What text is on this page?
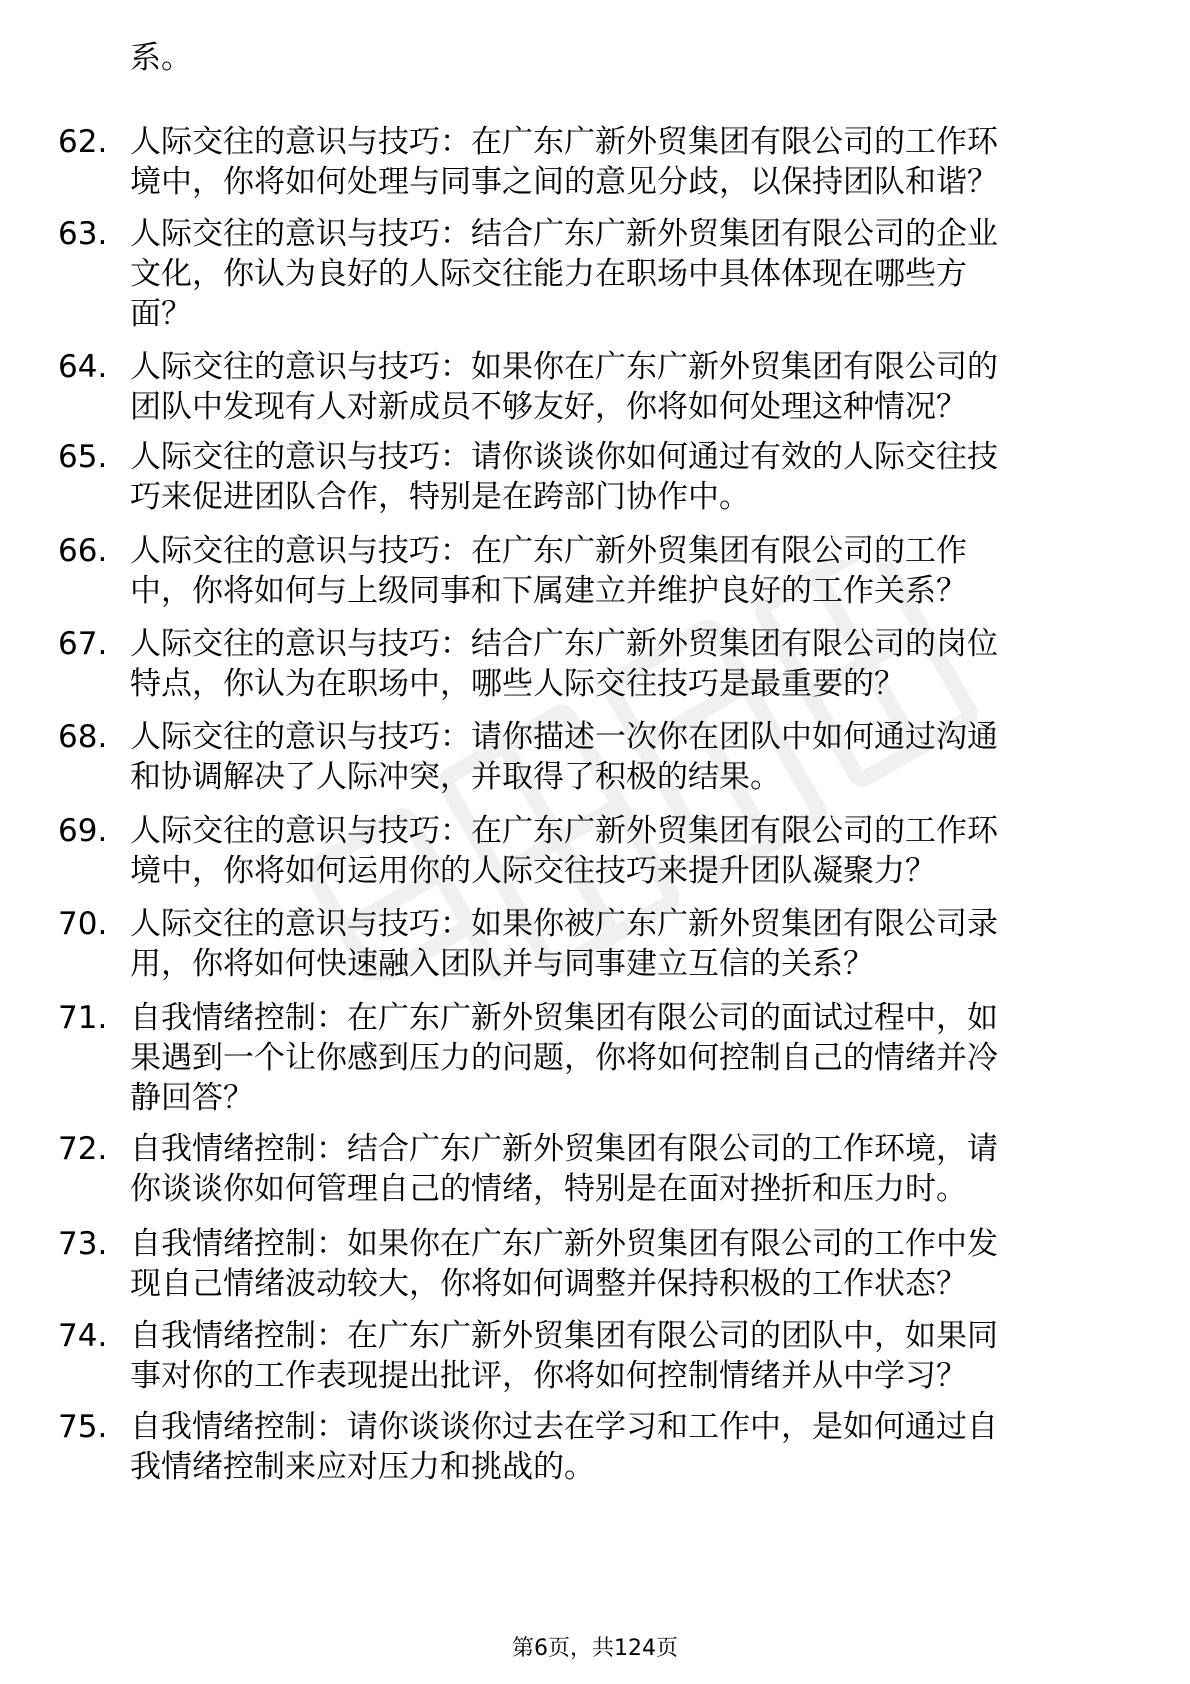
系。
62. 人际交往的意识与技巧：在广东广新外贸集团有限公司的工作环
境中，你将如何处理与同事之间的意见分歧，以保持团队和谐？
63. 人际交往的意识与技巧：结合广东广新外贸集团有限公司的企业
文化，你认为良好的人际交往能力在职场中具体体现在哪些方
面？
64. 人际交往的意识与技巧：如果你在广东广新外贸集团有限公司的
团队中发现有人对新成员不够友好，你将如何处理这种情况？
65. 人际交往的意识与技巧：请你谈谈你如何通过有效的人际交往技
巧来促进团队合作，特别是在跨部门协作中。
66. 人际交往的意识与技巧：在广东广新外贸集团有限公司的工作
中，你将如何与上级同事和下属建立并维护良好的工作关系？
67. 人际交往的意识与技巧：结合广东广新外贸集团有限公司的岗位
特点，你认为在职场中，哪些人际交往技巧是最重要的？
68. 人际交往的意识与技巧：请你描述一次你在团队中如何通过沟通
和协调解决了人际冲突，并取得了积极的结果。
69. 人际交往的意识与技巧：在广东广新外贸集团有限公司的工作环
境中，你将如何运用你的人际交往技巧来提升团队凝聚力？
70. 人际交往的意识与技巧：如果你被广东广新外贸集团有限公司录
用，你将如何快速融入团队并与同事建立互信的关系？
71. 自我情绪控制：在广东广新外贸集团有限公司的面试过程中，如
果遇到一个让你感到压力的问题，你将如何控制自己的情绪并冷
静回答？
72. 自我情绪控制：结合广东广新外贸集团有限公司的工作环境，请
你谈谈你如何管理自己的情绪，特别是在面对挫折和压力时。
73. 自我情绪控制：如果你在广东广新外贸集团有限公司的工作中发
现自己情绪波动较大，你将如何调整并保持积极的工作状态？
74. 自我情绪控制：在广东广新外贸集团有限公司的团队中，如果同
事对你的工作表现提出批评，你将如何控制情绪并从中学习？
75. 自我情绪控制：请你谈谈你过去在学习和工作中，是如何通过自
我情绪控制来应对压力和挑战的。
第6页，共124页
